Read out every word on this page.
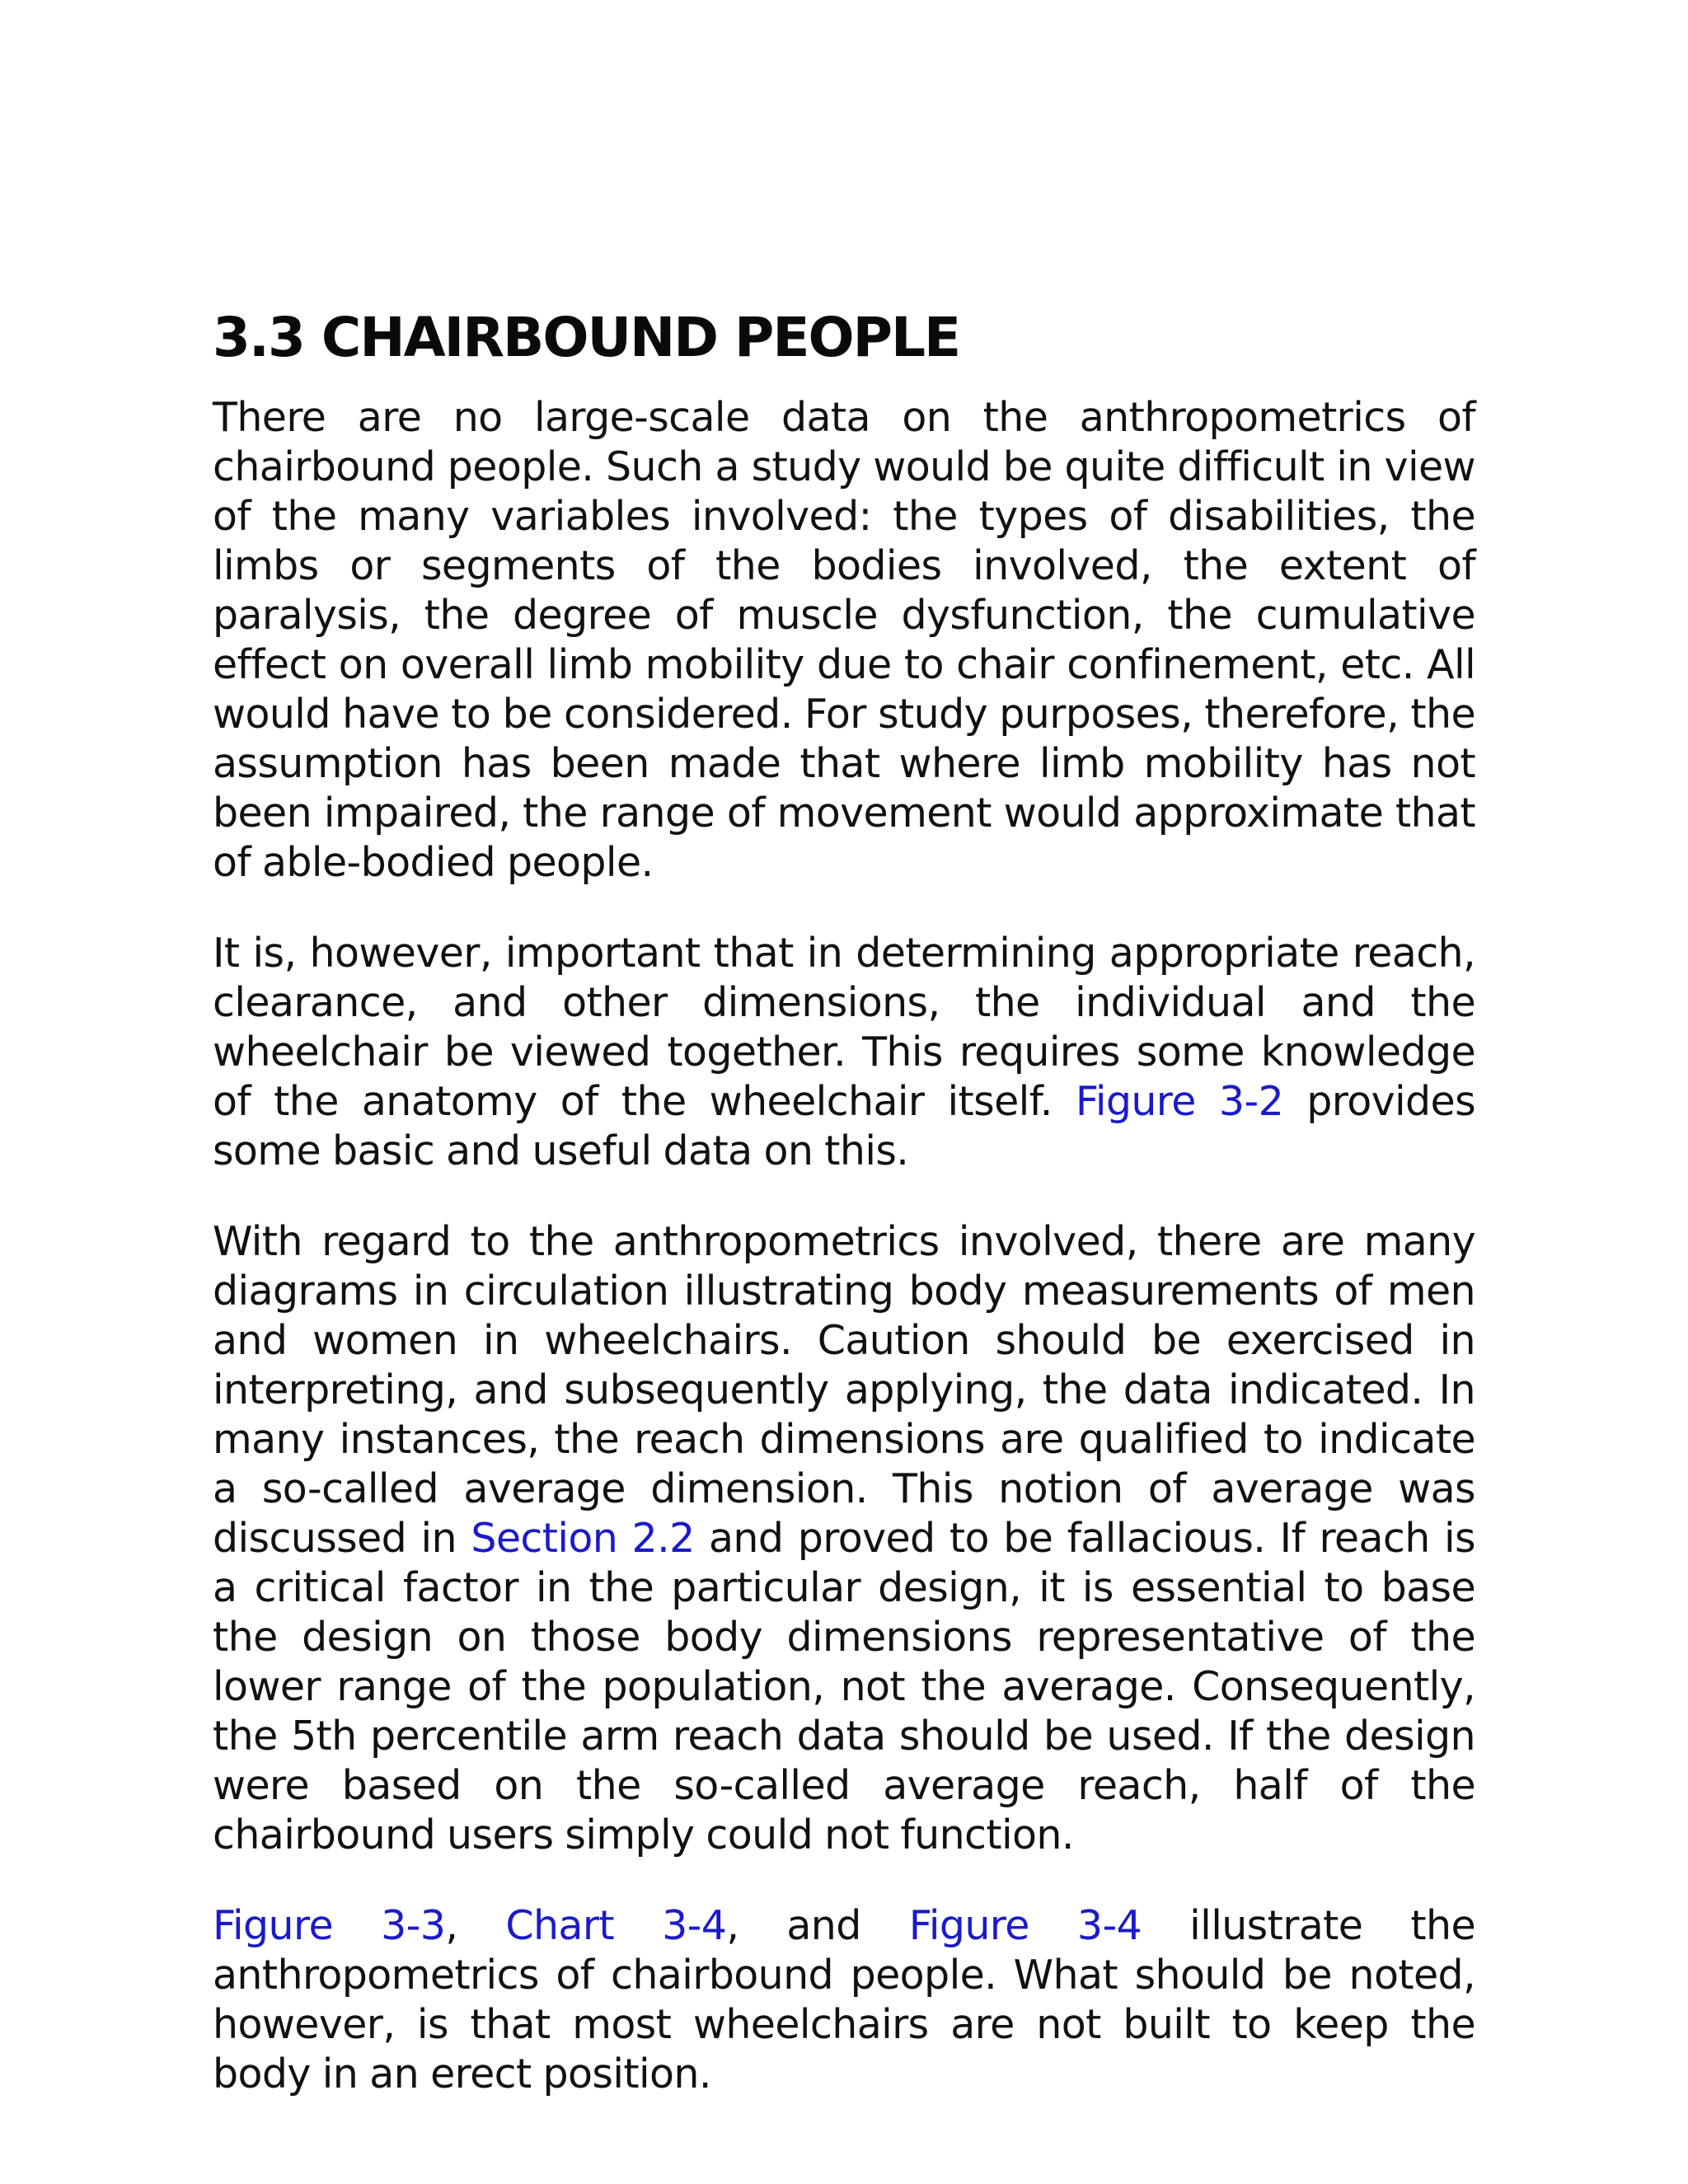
3.3 CHAIRBOUND PEOPLE

There are no large-scale data on the anthropometrics of chairbound people. Such a study would be quite difficult in view of the many variables involved: the types of disabilities, the limbs or segments of the bodies involved, the extent of paralysis, the degree of muscle dysfunction, the cumulative effect on overall limb mobility due to chair confinement, etc. All would have to be considered. For study purposes, therefore, the assumption has been made that where limb mobility has not been impaired, the range of movement would approximate that of able-bodied people.

It is, however, important that in determining appropriate reach, clearance, and other dimensions, the individual and the wheelchair be viewed together. This requires some knowledge of the anatomy of the wheelchair itself. Figure 3-2 provides some basic and useful data on this.

With regard to the anthropometrics involved, there are many diagrams in circulation illustrating body measurements of men and women in wheelchairs. Caution should be exercised in interpreting, and subsequently applying, the data indicated. In many instances, the reach dimensions are qualified to indicate a so-called average dimension. This notion of average was discussed in Section 2.2 and proved to be fallacious. If reach is a critical factor in the particular design, it is essential to base the design on those body dimensions representative of the lower range of the population, not the average. Consequently, the 5th percentile arm reach data should be used. If the design were based on the so-called average reach, half of the chairbound users simply could not function.

Figure 3-3, Chart 3-4, and Figure 3-4 illustrate the anthropometrics of chairbound people. What should be noted, however, is that most wheelchairs are not built to keep the body in an erect position.
